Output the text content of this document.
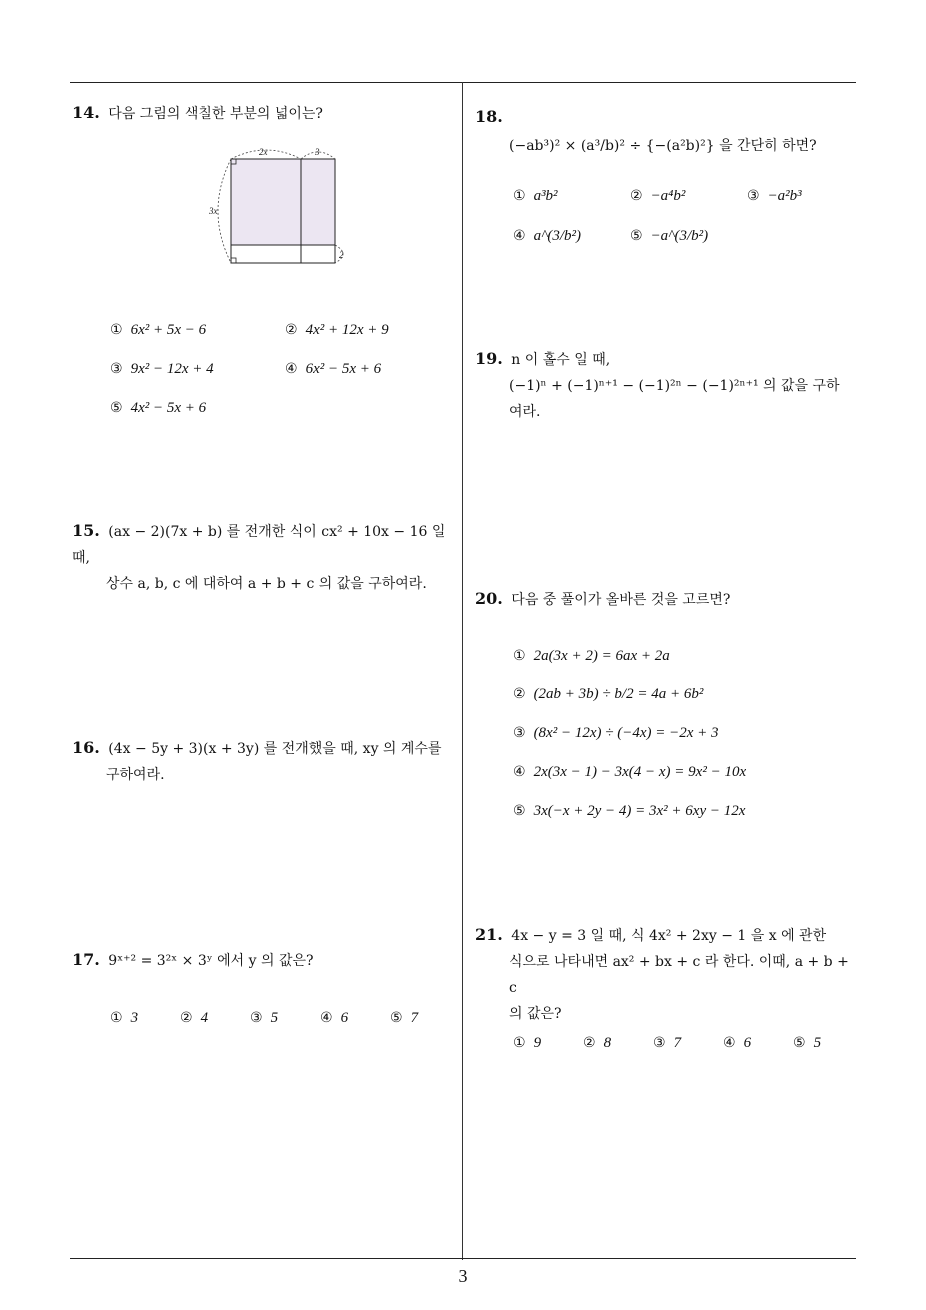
14. 다음 그림의 색칠한 부분의 넓이는?
2x	3
3x
2
① 6x² + 5x − 6	② 4x² + 12x + 9
③ 9x² − 12x + 4	④ 6x² − 5x + 6
⑤ 4x² − 5x + 6
15. (ax − 2)(7x + b) 를 전개한 식이 cx² + 10x − 16 일 때,
상수 a, b, c 에 대하여 a + b + c 의 값을 구하여라.
16. (4x − 5y + 3)(x + 3y) 를 전개했을 때, xy 의 계수를
구하여라.
17. 9ˣ⁺² = 3²ˣ × 3ʸ 에서 y 의 값은?
① 3	② 4	③ 5	④ 6	⑤ 7
18.
(−ab³)² × (a³/b)² ÷ {−(a²b)²} 을 간단히 하면?
① a³b²	② −a⁴b²	③ −a²b³
④ a^(3/b²)	⑤ −a^(3/b²)
19. n 이 홀수 일 때,
(−1)ⁿ + (−1)ⁿ⁺¹ − (−1)²ⁿ − (−1)²ⁿ⁺¹ 의 값을 구하
여라.
20. 다음 중 풀이가 올바른 것을 고르면?
① 2a(3x + 2) = 6ax + 2a
② (2ab + 3b) ÷ b/2 = 4a + 6b²
③ (8x² − 12x) ÷ (−4x) = −2x + 3
④ 2x(3x − 1) − 3x(4 − x) = 9x² − 10x
⑤ 3x(−x + 2y − 4) = 3x² + 6xy − 12x
21. 4x − y = 3 일 때, 식 4x² + 2xy − 1 을 x 에 관한
식으로 나타내면 ax² + bx + c 라 한다. 이때, a + b + c
의 값은?
① 9	② 8	③ 7	④ 6	⑤ 5
3
